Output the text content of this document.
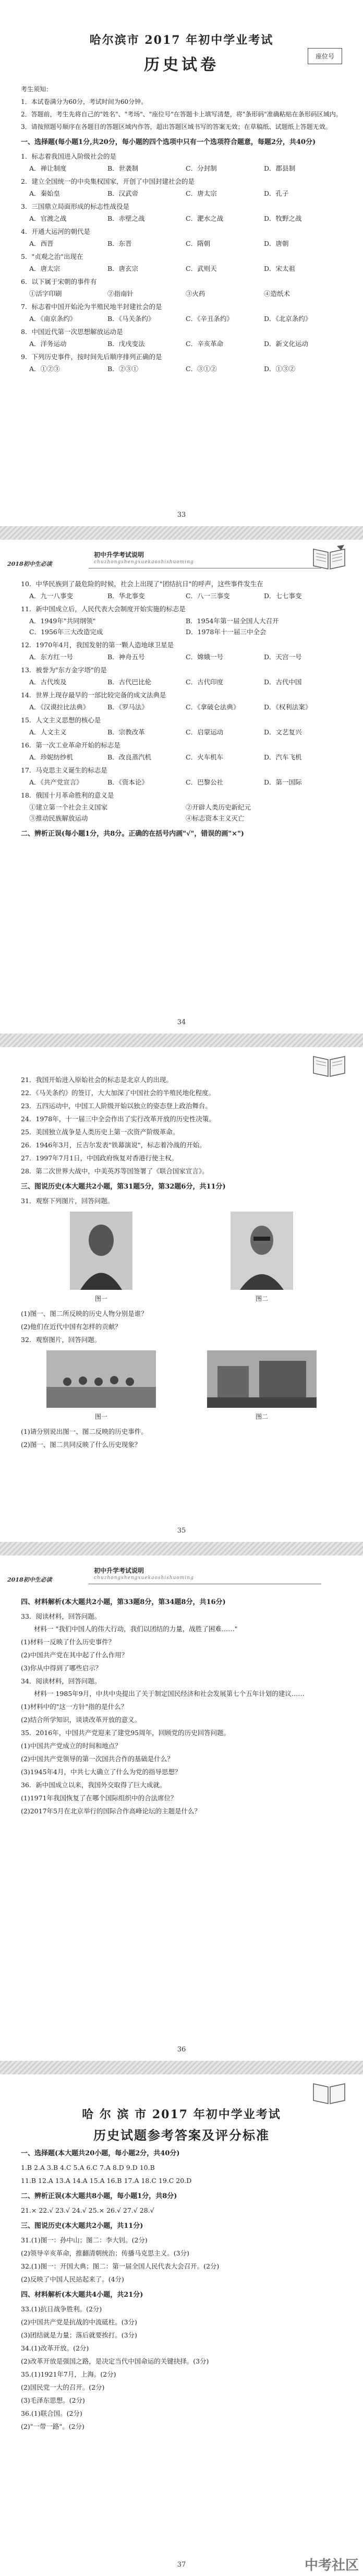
座位号
哈尔滨市 2017 年初中学业考试
历史试卷

考生须知：

1．本试卷满分为60分，考试时间为60分钟。

2．答题前，考生先将自己的"姓名"、"考场"、"座位号"在答题卡上填写清楚，将"条形码"准确粘贴在条形码区域内。

3．请按照题号顺序在各题目的答题区域内作答，超出答题区域书写的答案无效；在草稿纸、试题纸上答题无效。

一、选择题(每小题1分,共20分，每小题的四个选项中只有一个选项符合题意，每题2分，共40分)
1．标志着我国进入阶级社会的是
A．禅让制度	B．世袭制	C．分封制	D．郡县制
2．建立全国统一的中央集权国家，开创了中国封建社会的是
A．秦始皇	B．汉武帝	C．唐太宗	D．孔子
3．三国鼎立局面形成的标志性战役是
A．官渡之战	B．赤壁之战	C．淝水之战	D．牧野之战
4．开通大运河的朝代是
A．西晋	B．东晋	C．隋朝	D．唐朝
5．"贞观之治"出现在
A．唐太宗	B．唐玄宗	C．武则天	D．宋太祖
6．以下属于宋朝的事件有
①活字印刷	②指南针	③火药	④造纸术
7．标志着中国开始沦为半殖民地半封建社会的是
A．《南京条约》	B．《马关条约》	C．《辛丑条约》	D．《北京条约》
8．中国近代第一次思想解放运动是
A．洋务运动	B．戊戌变法	C．辛亥革命	D．新文化运动
9．下列历史事件，按时间先后顺序排列正确的是
A．①②③	B．②③①	C．③①②	D．①③②
33
2018初中生必读
初中升学考试说明
chuzhongshengxuekaoshishuoming
10．中华民族到了最危险的时候，社会上出现了"团结抗日"的呼声，这些事件发生在
A．九一八事变	B．华北事变	C．八一三事变	D．七七事变
11．新中国成立后，人民代表大会制度开始实施的标志是
A．1949年"共同纲领"	B．1954年第一届全国人大召开
C．1956年三大改造完成	D．1978年十一届三中全会
12．1970年4月，我国发射的第一颗人造地球卫星是
A．东方红一号	B．神舟五号	C．嫦娥一号	D．天宫一号
13．被誉为"东方金字塔"的是
A．古代埃及	B．古代巴比伦	C．古代印度	D．古代中国
14．世界上现存最早的一部比较完备的成文法典是
A．《汉谟拉比法典》	B．《罗马法》	C．《拿破仑法典》	D．《权利法案》
15．人文主义思想的核心是
A．人文主义	B．宗教改革	C．启蒙运动	D．文艺复兴
16．第一次工业革命开始的标志是
A．珍妮纺纱机	B．改良蒸汽机	C．火车机车	D．汽车飞机
17．马克思主义诞生的标志是
A．《共产党宣言》	B．《资本论》	C．巴黎公社	D．第一国际
18．俄国十月革命胜利的意义是
①建立第一个社会主义国家	②开辟人类历史新纪元
③推动民族解放运动	④标志资本主义灭亡
二、辨析正误(每小题1分，共8分。正确的在括号内画"√"，错误的画"×")
34
21．我国开始进入原始社会的标志是北京人的出现。
22．《马关条约》的签订，大大加深了中国社会的半殖民地化程度。
23．五四运动中，中国工人阶级开始以独立的姿态登上政治舞台。
24．1978年，十一届三中全会作出了实行改革开放的历史性决策。
25．美国独立战争是人类历史上第一次资产阶级革命。
26．1946年3月，丘吉尔发表"铁幕演说"，标志着冷战的开始。
27．1997年7月1日，中国政府恢复对香港行使主权。
28．第二次世界大战中，中美英苏等国签署了《联合国家宣言》。
三、图说历史(本大题共2小题，第31题5分，第32题6分，共11分)
31．观察下列图片，回答问题。
图一	图二
(1)图一、图二所反映的历史人物分别是谁？
(2)他们在近代中国有怎样的贡献？
32．观察图片，回答问题。
图一	图二
(1)请分别说出图一、图二反映的历史事件。
(2)图一、图二共同反映了什么历史现象？
35
2018初中生必读
初中升学考试说明
chuzhongshengxuekaoshishuoming
四、材料解析(本大题共2小题，第33题8分，第34题8分，共16分)
33．阅读材料，回答问题。
材料一 "我们中国人的伟大行动，我们以团结的力量，战胜了困难……"
(1)材料一反映了什么历史事件？
(2)中国共产党在其中起了什么作用？
(3)你从中得到了哪些启示？
34．阅读材料，回答问题。
材料一 1985年9月，中共中央提出了关于制定国民经济和社会发展第七个五年计划的建议……
(1)材料中的"这一方针"指的是什么？
(2)结合所学知识，谈谈改革开放的意义。
35．2016年，中国共产党迎来了建党95周年，回顾党的历史回答问题。
(1)中国共产党成立的时间和地点？
(2)中国共产党领导的第一次国共合作的基础是什么？
(3)1945年4月，中共七大确立了什么为党的指导思想？
36．新中国成立以来，我国外交取得了巨大成就。
(1)1971年我国恢复了在哪个国际组织中的合法席位？
(2)2017年5月在北京举行的国际合作高峰论坛的主题是什么？
36
哈 尔 滨 市 2017 年初中学业考试
历史试题参考答案及评分标准
一、选择题(本大题共20小题，每小题2分，共40分)
1.B 2.A 3.B 4.C 5.A 6.C 7.A 8.D 9.D 10.B
11.B 12.A 13.A 14.A 15.A 16.B 17.A 18.C 19.C 20.D
二、辨析正误(本大题共8小题，每小题1分，共8分)
21.× 22.√ 23.√ 24.√ 25.× 26.√ 27.√ 28.√
三、图说历史(本大题共2小题，共11分)
31.(1)图一：孙中山；图二：李大钊。(2分)
(2)领导辛亥革命，推翻清朝统治；传播马克思主义。(3分)
32.(1)图一：开国大典；图二：第一届全国人民代表大会召开。(2分)
(2)反映了中国人民站起来了。(4分)
四、材料解析(本大题共4小题，共21分)
33.(1)抗日战争胜利。(2分)
(2)中国共产党是抗战的中流砥柱。(3分)
(3)团结就是力量；落后就要挨打。(3分)
34.(1)改革开放。(2分)
(2)改革开放是强国之路，是决定当代中国命运的关键抉择。(3分)
35.(1)1921年7月，上海。(2分)
(2)国民党一大的召开。(2分)
(3)毛泽东思想。(2分)
36.(1)联合国。(2分)
(2)"一带一路"。(2分)
37	中考社区
